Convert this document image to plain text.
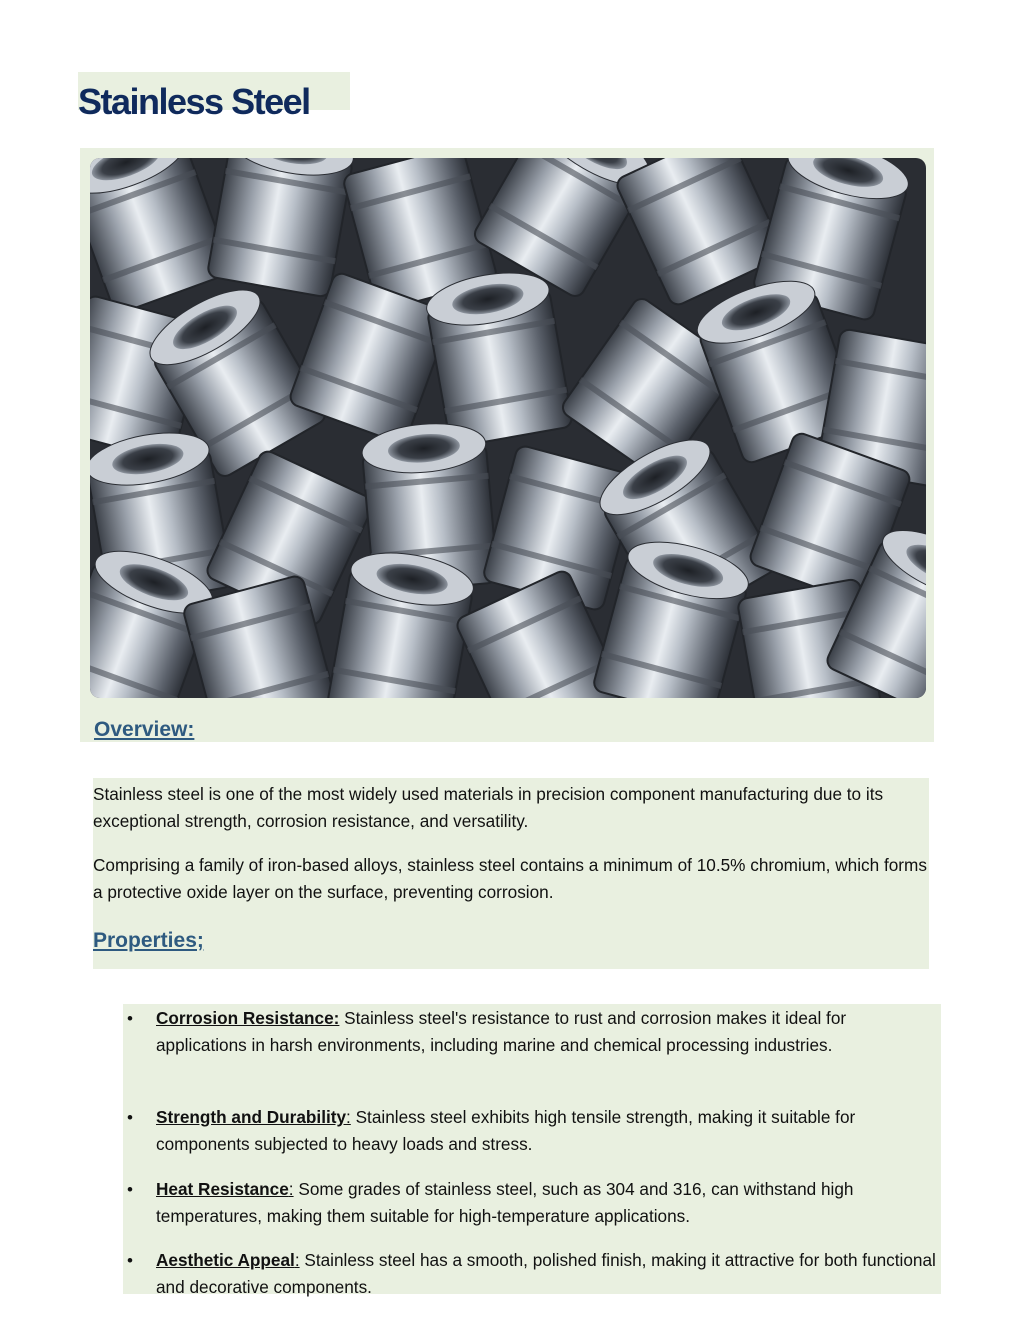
Stainless Steel
Overview:

Stainless steel is one of the most widely used materials in precision component manufacturing due to its exceptional strength, corrosion resistance, and versatility.

Comprising a family of iron-based alloys, stainless steel contains a minimum of 10.5% chromium, which forms a protective oxide layer on the surface, preventing corrosion.

Properties;
•	Corrosion Resistance: Stainless steel's resistance to rust and corrosion makes it ideal for applications in harsh environments, including marine and chemical processing industries.
•	Strength and Durability: Stainless steel exhibits high tensile strength, making it suitable for components subjected to heavy loads and stress.
•	Heat Resistance: Some grades of stainless steel, such as 304 and 316, can withstand high temperatures, making them suitable for high-temperature applications.
•	Aesthetic Appeal: Stainless steel has a smooth, polished finish, making it attractive for both functional and decorative components.
